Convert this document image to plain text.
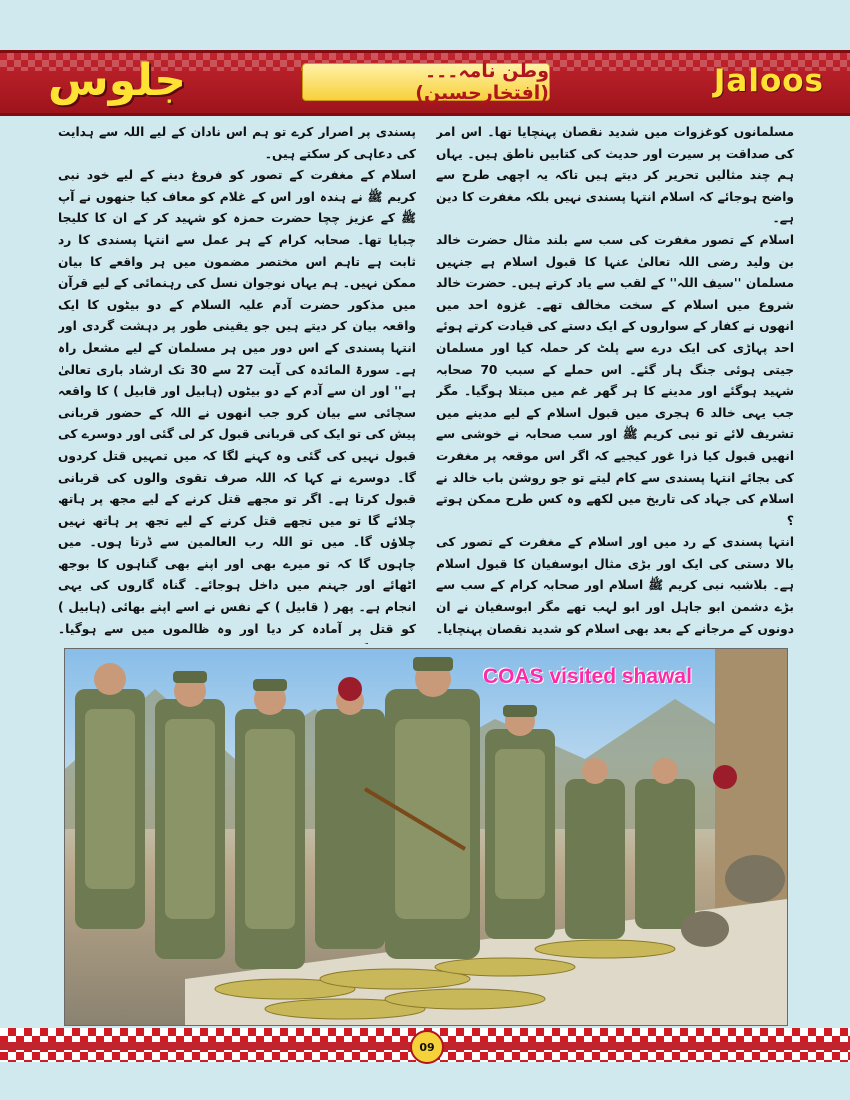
جلوس	وطن نامہ۔۔۔(افتخارحسین)	Jaloos

مسلمانوں کوغزوات میں شدید نقصان پہنچایا تھا۔ اس امر کی صداقت پر سیرت اور حدیث کی کتابیں ناطق ہیں۔ یہاں ہم چند مثالیں تحریر کر دیتے ہیں تاکہ یہ اچھی طرح سے واضح ہوجائے کہ اسلام انتہا پسندی نہیں بلکہ مغفرت کا دین ہے۔

اسلام کے تصور مغفرت کی سب سے بلند مثال حضرت خالد بن ولید رضی اللہ تعالیٰ عنہا کا قبول اسلام ہے جنہیں مسلمان ''سیف اللہ'' کے لقب سے یاد کرتے ہیں۔ حضرت خالد شروع میں اسلام کے سخت مخالف تھے۔ غزوہ احد میں انھوں نے کفار کے سواروں کے ایک دستے کی قیادت کرتے ہوئے احد پہاڑی کی ایک درے سے پلٹ کر حملہ کیا اور مسلمان جیتی ہوئی جنگ ہار گئے۔ اس حملے کے سبب 70 صحابہ شہید ہوگئے اور مدینے کا ہر گھر غم میں مبتلا ہوگیا۔ مگر جب یہی خالد 6 ہجری میں قبول اسلام کے لیے مدینے میں تشریف لائے تو نبی کریم ﷺ اور سب صحابہ نے خوشی سے انھیں قبول کیا ذرا غور کیجیے کہ اگر اس موقعہ پر مغفرت کی بجائے انتہا پسندی سے کام لیتے تو جو روشن باب خالد نے اسلام کی جہاد کی تاریخ میں لکھے وہ کس طرح ممکن ہوتے ؟

انتہا پسندی کے رد میں اور اسلام کے مغفرت کے تصور کی بالا دستی کی ایک اور بڑی مثال ابوسفیان کا قبول اسلام ہے۔ بلاشبہ نبی کریم ﷺ اسلام اور صحابہ کرام کے سب سے بڑے دشمن ابو جاہل اور ابو لہب تھے مگر ابوسفیان نے ان دونوں کے مرجانے کے بعد بھی اسلام کو شدید نقصان پہنچایا۔

پسندی پر اصرار کرے تو ہم اس نادان کے لیے اللہ سے ہدایت کی دعاہی کر سکتے ہیں۔

اسلام کے مغفرت کے تصور کو فروغ دینے کے لیے خود نبی کریم ﷺ نے ہندہ اور اس کے غلام کو معاف کیا جنھوں نے آپ ﷺ کے عزیز چچا حضرت حمزہ کو شہید کر کے ان کا کلیجا چبایا تھا۔ صحابہ کرام کے ہر عمل سے انتہا پسندی کا رد ثابت ہے تاہم اس مختصر مضمون میں ہر واقعے کا بیان ممکن نہیں۔ ہم یہاں نوجوان نسل کی رہنمائی کے لیے قرآن میں مذکور حضرت آدم علیہ السلام کے دو بیٹوں کا ایک واقعہ بیان کر دیتے ہیں جو یقینی طور پر دہشت گردی اور انتہا پسندی کے اس دور میں ہر مسلمان کے لیے مشعل راہ ہے۔ سورۃ المائدہ کی آیت 27 سے 30 تک ارشاد باری تعالیٰ ہے'' اور ان سے آدم کے دو بیٹوں (ہابیل اور قابیل ) کا واقعہ سچائی سے بیان کرو جب انھوں نے اللہ کے حضور قربانی پیش کی تو ایک کی قربانی قبول کر لی گئی اور دوسرے کی قبول نہیں کی گئی وہ کہنے لگا کہ میں تمہیں قتل کردوں گا۔ دوسرے نے کہا کہ اللہ صرف تقوی والوں کی قربانی قبول کرتا ہے۔ اگر تو مجھے قتل کرنے کے لیے مجھ پر ہاتھ چلائے گا تو میں تجھے قتل کرنے کے لیے تجھ پر ہاتھ نہیں چلاؤں گا۔ میں تو اللہ رب العالمین سے ڈرتا ہوں۔ میں چاہوں گا کہ تو میرے بھی اور اپنے بھی گناہوں کا بوجھ اٹھائے اور جہنم میں داخل ہوجائے۔ گناہ گاروں کی یہی انجام ہے۔ پھر ( قابیل ) کے نفس نے اسے اپنے بھائی (ہابیل ) کو قتل پر آمادہ کر دیا اور وہ ظالموں میں سے ہوگیا۔

COAS visited shawal
09
